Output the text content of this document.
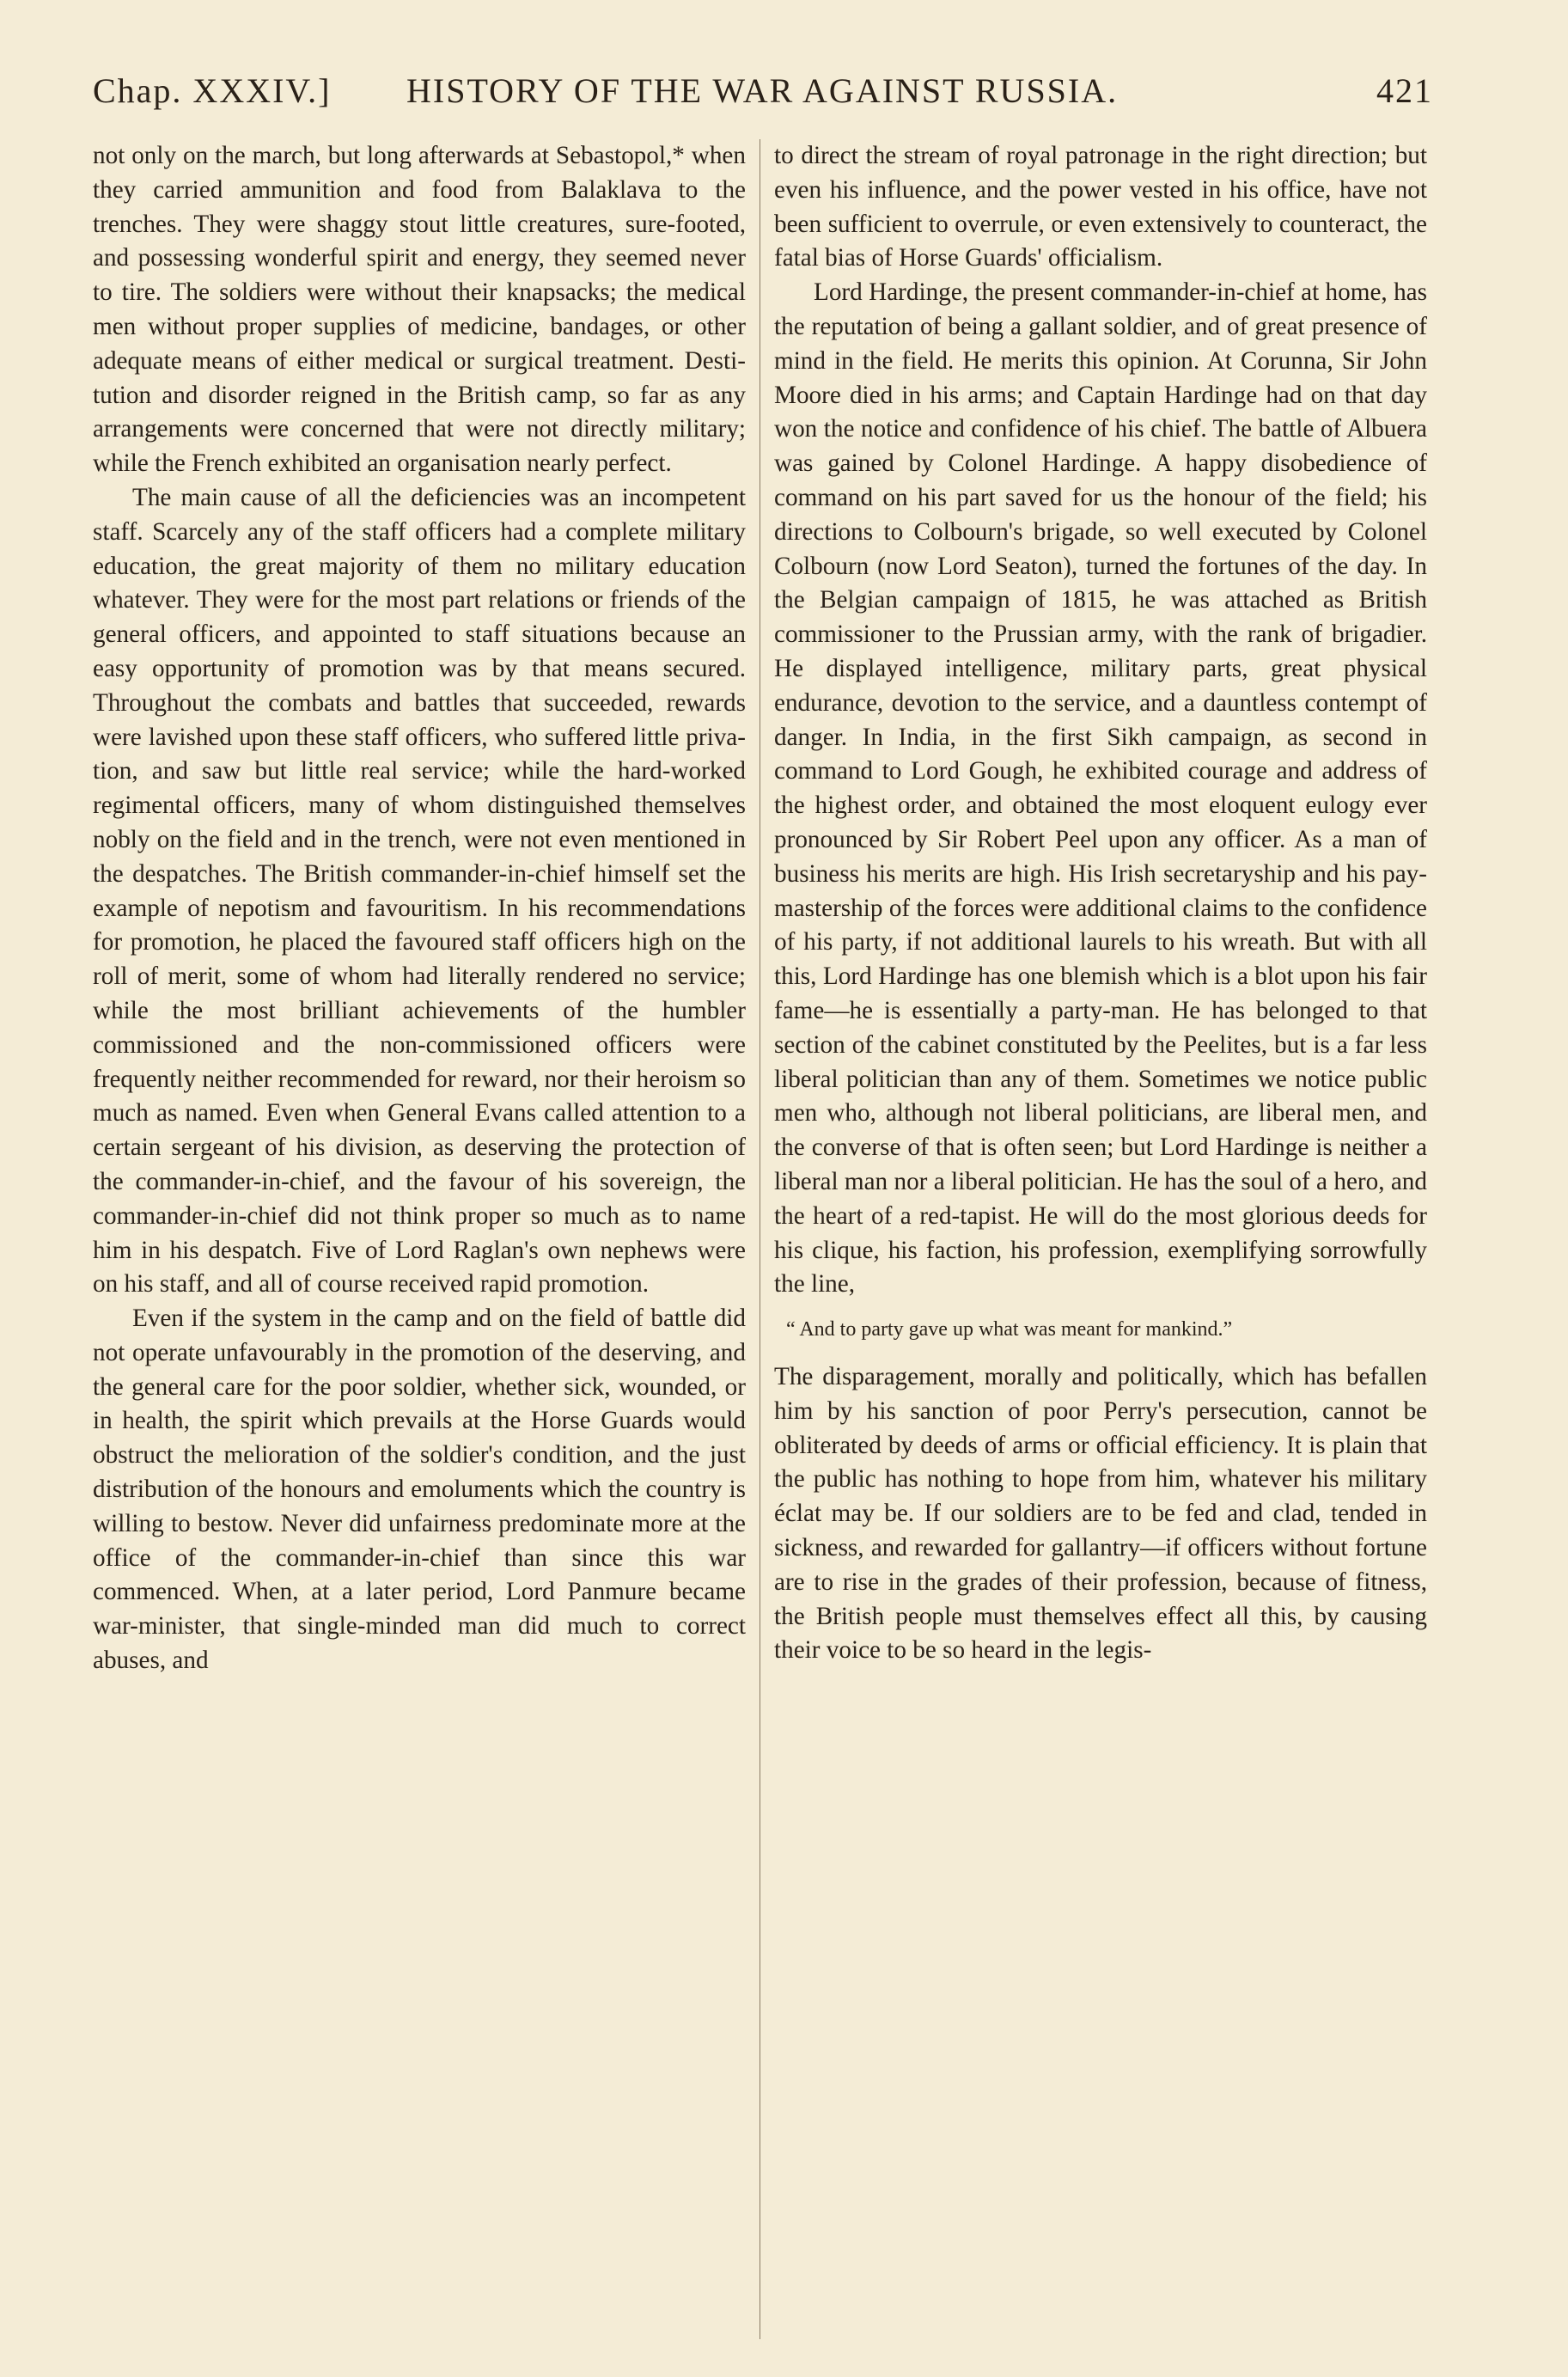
Chap. XXXIV.] HISTORY OF THE WAR AGAINST RUSSIA.	421

not only on the march, but long afterwards at Sebastopol,* when they carried ammunition and food from Balaklava to the trenches. They were shaggy stout little creatures, sure-footed, and possessing wonderful spirit and energy, they seemed never to tire. The soldiers were without their knapsacks; the medical men without proper supplies of medicine, bandages, or other adequate means of either medical or surgical treatment. Destitution and disorder reigned in the British camp, so far as any arrangements were concerned that were not directly military; while the French exhibited an organisation nearly perfect.

The main cause of all the deficiencies was an incompetent staff. Scarcely any of the staff officers had a complete military education, the great majority of them no military education whatever. They were for the most part relations or friends of the general officers, and appointed to staff situations because an easy opportunity of promotion was by that means secured. Throughout the combats and battles that succeeded, rewards were lavished upon these staff officers, who suffered little privation, and saw but little real service; while the hard-worked regimental officers, many of whom distinguished themselves nobly on the field and in the trench, were not even mentioned in the despatches. The British commander-in-chief himself set the example of nepotism and favouritism. In his recommendations for promotion, he placed the favoured staff officers high on the roll of merit, some of whom had literally rendered no service; while the most brilliant achievements of the humbler commissioned and the non-commissioned officers were frequently neither recommended for reward, nor their heroism so much as named. Even when General Evans called attention to a certain sergeant of his division, as deserving the protection of the commander-in-chief, and the favour of his sovereign, the commander-in-chief did not think proper so much as to name him in his despatch. Five of Lord Raglan's own nephews were on his staff, and all of course received rapid promotion.

Even if the system in the camp and on the field of battle did not operate unfavourably in the promotion of the deserving, and the general care for the poor soldier, whether sick, wounded, or in health, the spirit which prevails at the Horse Guards would obstruct the melioration of the soldier's condition, and the just distribution of the honours and emoluments which the country is willing to bestow. Never did unfairness predominate more at the office of the commander-in-chief than since this war commenced. When, at a later period, Lord Panmure became war-minister, that single-minded man did much to correct abuses, and

to direct the stream of royal patronage in the right direction; but even his influence, and the power vested in his office, have not been sufficient to overrule, or even extensively to counteract, the fatal bias of Horse Guards' officialism.

Lord Hardinge, the present commander-in-chief at home, has the reputation of being a gallant soldier, and of great presence of mind in the field. He merits this opinion. At Corunna, Sir John Moore died in his arms; and Captain Hardinge had on that day won the notice and confidence of his chief. The battle of Albuera was gained by Colonel Hardinge. A happy disobedience of command on his part saved for us the honour of the field; his directions to Colbourn's brigade, so well executed by Colonel Colbourn (now Lord Seaton), turned the fortunes of the day. In the Belgian campaign of 1815, he was attached as British commissioner to the Prussian army, with the rank of brigadier. He displayed intelligence, military parts, great physical endurance, devotion to the service, and a dauntless contempt of danger. In India, in the first Sikh campaign, as second in command to Lord Gough, he exhibited courage and address of the highest order, and obtained the most eloquent eulogy ever pronounced by Sir Robert Peel upon any officer. As a man of business his merits are high. His Irish secretaryship and his paymastership of the forces were additional claims to the confidence of his party, if not additional laurels to his wreath. But with all this, Lord Hardinge has one blemish which is a blot upon his fair fame—he is essentially a party-man. He has belonged to that section of the cabinet constituted by the Peelites, but is a far less liberal politician than any of them. Sometimes we notice public men who, although not liberal politicians, are liberal men, and the converse of that is often seen; but Lord Hardinge is neither a liberal man nor a liberal politician. He has the soul of a hero, and the heart of a red-tapist. He will do the most glorious deeds for his clique, his faction, his profession, exemplifying sorrowfully the line,

“ And to party gave up what was meant for mankind.”

The disparagement, morally and politically, which has befallen him by his sanction of poor Perry's persecution, cannot be obliterated by deeds of arms or official efficiency. It is plain that the public has nothing to hope from him, whatever his military éclat may be. If our soldiers are to be fed and clad, tended in sickness, and rewarded for gallantry—if officers without fortune are to rise in the grades of their profession, because of fitness, the British people must themselves effect all this, by causing their voice to be so heard in the legis-
